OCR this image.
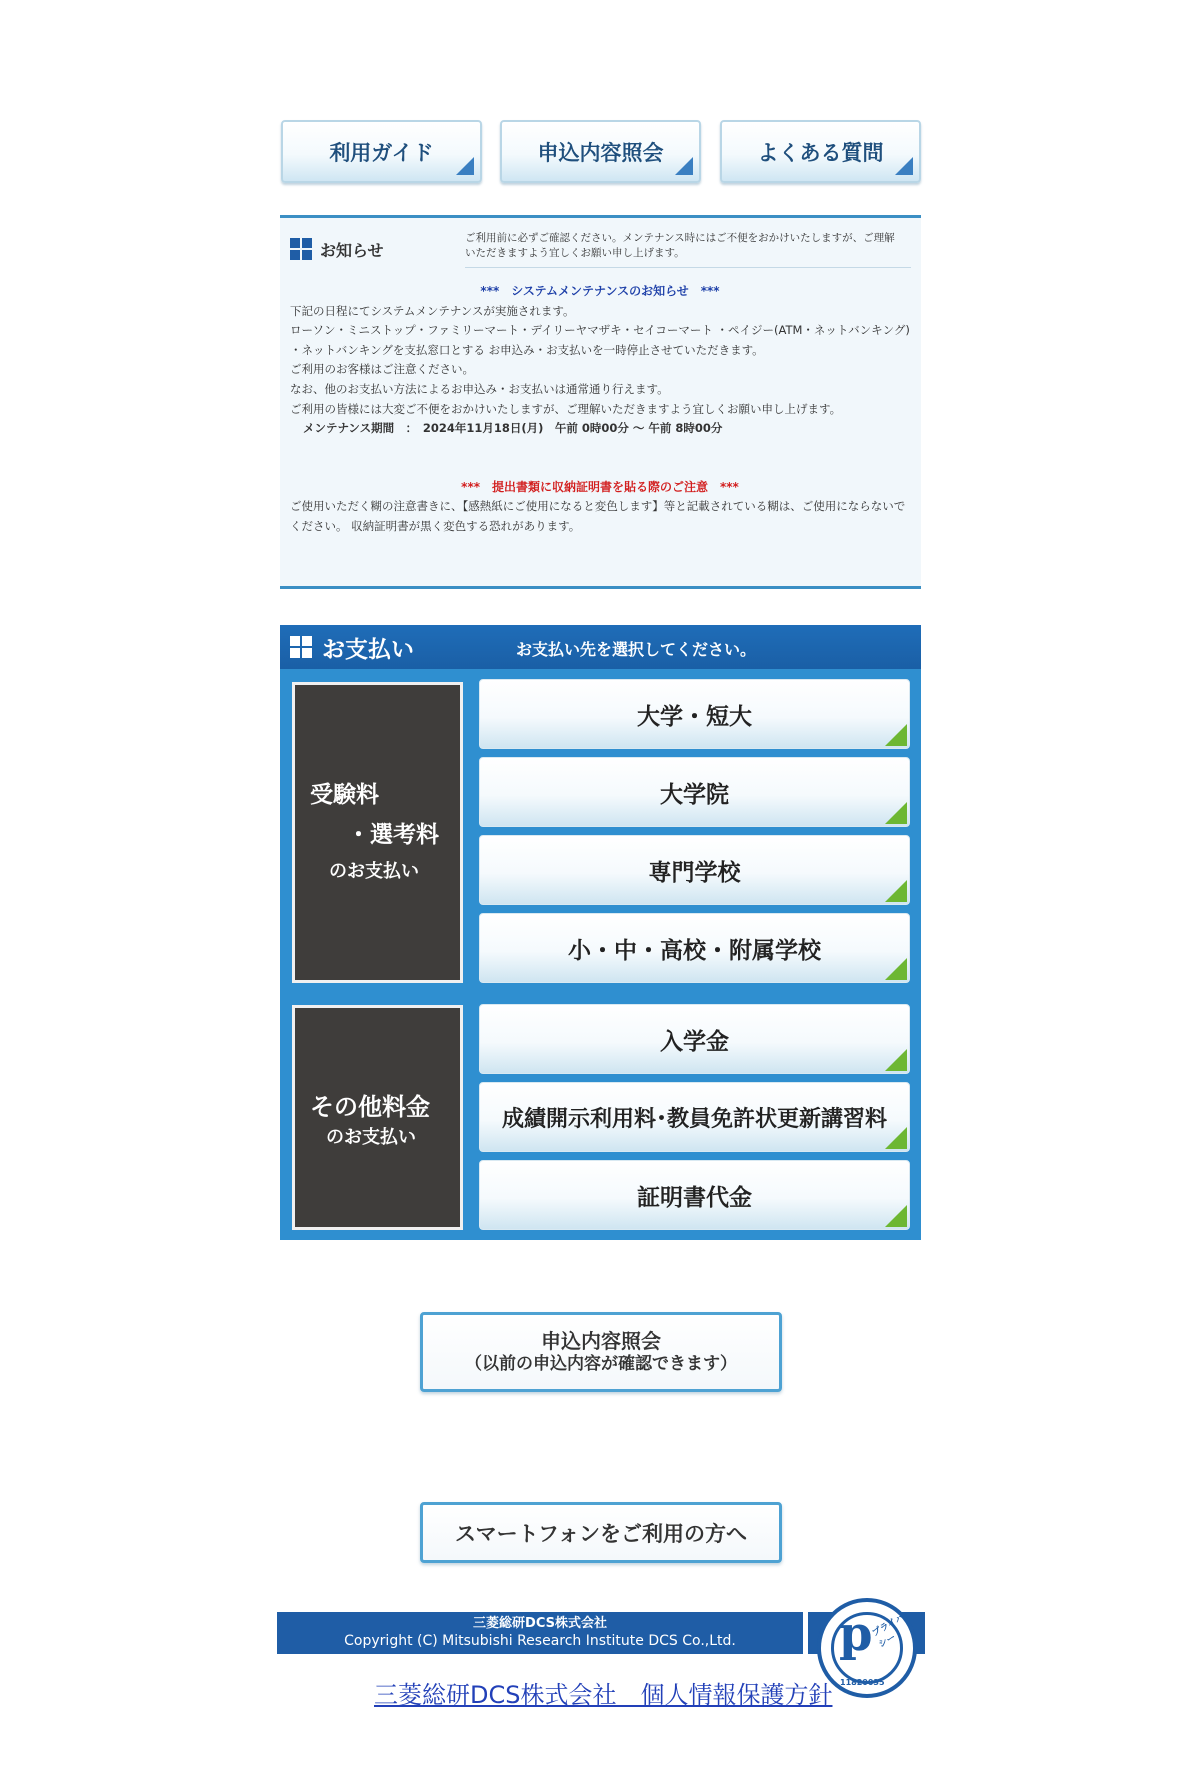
利用ガイド	申込内容照会	よくある質問
お知らせ
ご利用前に必ずご確認ください。メンテナンス時にはご不便をおかけいたしますが、ご理解いただきますよう宜しくお願い申し上げます。

***　システムメンテナンスのお知らせ　***

下記の日程にてシステムメンテナンスが実施されます。

ローソン・ミニストップ・ファミリーマート・デイリーヤマザキ・セイコーマート ・ペイジー(ATM・ネットバンキング)

・ネットバンキングを支払窓口とする お申込み・お支払いを一時停止させていただきます。

ご利用のお客様はご注意ください。

なお、他のお支払い方法によるお申込み・お支払いは通常通り行えます。

ご利用の皆様には大変ご不便をおかけいたしますが、ご理解いただきますよう宜しくお願い申し上げます。

メンテナンス期間　：　2024年11月18日(月)　午前 0時00分 ～ 午前 8時00分

***　提出書類に収納証明書を貼る際のご注意　***

ご使用いただく糊の注意書きに、【感熱紙にご使用になると変色します】等と記載されている糊は、ご使用にならないでください。 収納証明書が黒く変色する恐れがあります。

お支払い	お支払い先を選択してください。
受験料
・選考料
のお支払い
大学・短大
大学院
専門学校
小・中・高校・附属学校
その他料金
のお支払い
入学金
成績開示利用料･教員免許状更新講習料
証明書代金
申込内容照会
（以前の申込内容が確認できます）
スマートフォンをご利用の方へ
三菱総研DCS株式会社
Copyright (C) Mitsubishi Research Institute DCS Co.,Ltd.	p
プライバシー
11820035
三菱総研DCS株式会社　個人情報保護方針
